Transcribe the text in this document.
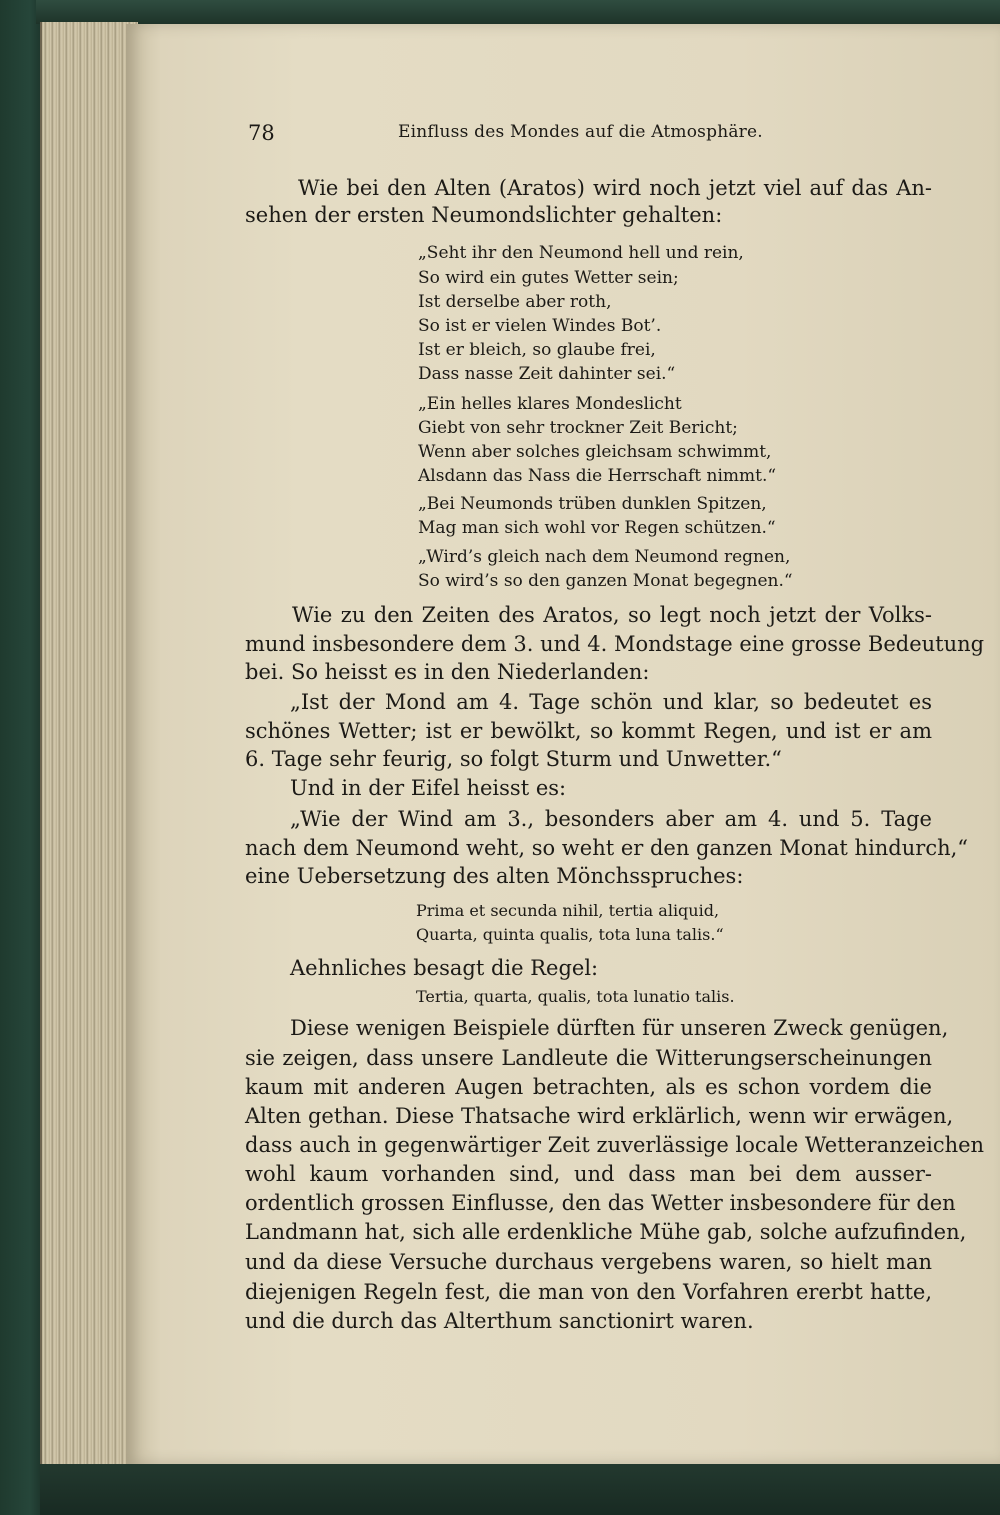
78	Einfluss des Mondes auf die Atmosphäre.
Wie bei den Alten (Aratos) wird noch jetzt viel auf das An-
sehen der ersten Neumondslichter gehalten:
„Seht ihr den Neumond hell und rein,
So wird ein gutes Wetter sein;
Ist derselbe aber roth,
So ist er vielen Windes Bot’.
Ist er bleich, so glaube frei,
Dass nasse Zeit dahinter sei.“
„Ein helles klares Mondeslicht
Giebt von sehr trockner Zeit Bericht;
Wenn aber solches gleichsam schwimmt,
Alsdann das Nass die Herrschaft nimmt.“
„Bei Neumonds trüben dunklen Spitzen,
Mag man sich wohl vor Regen schützen.“
„Wird’s gleich nach dem Neumond regnen,
So wird’s so den ganzen Monat begegnen.“
Wie zu den Zeiten des Aratos, so legt noch jetzt der Volks-
mund insbesondere dem 3. und 4. Mondstage eine grosse Bedeutung
bei. So heisst es in den Niederlanden:
„Ist der Mond am 4. Tage schön und klar, so bedeutet es
schönes Wetter; ist er bewölkt, so kommt Regen, und ist er am
6. Tage sehr feurig, so folgt Sturm und Unwetter.“
Und in der Eifel heisst es:
„Wie der Wind am 3., besonders aber am 4. und 5. Tage
nach dem Neumond weht, so weht er den ganzen Monat hindurch,“
eine Uebersetzung des alten Mönchsspruches:
Prima et secunda nihil, tertia aliquid,
Quarta, quinta qualis, tota luna talis.“
Aehnliches besagt die Regel:
Tertia, quarta, qualis, tota lunatio talis.
Diese wenigen Beispiele dürften für unseren Zweck genügen,
sie zeigen, dass unsere Landleute die Witterungserscheinungen
kaum mit anderen Augen betrachten, als es schon vordem die
Alten gethan. Diese Thatsache wird erklärlich, wenn wir erwägen,
dass auch in gegenwärtiger Zeit zuverlässige locale Wetteranzeichen
wohl kaum vorhanden sind, und dass man bei dem ausser-
ordentlich grossen Einflusse, den das Wetter insbesondere für den
Landmann hat, sich alle erdenkliche Mühe gab, solche aufzufinden,
und da diese Versuche durchaus vergebens waren, so hielt man
diejenigen Regeln fest, die man von den Vorfahren ererbt hatte,
und die durch das Alterthum sanctionirt waren.
